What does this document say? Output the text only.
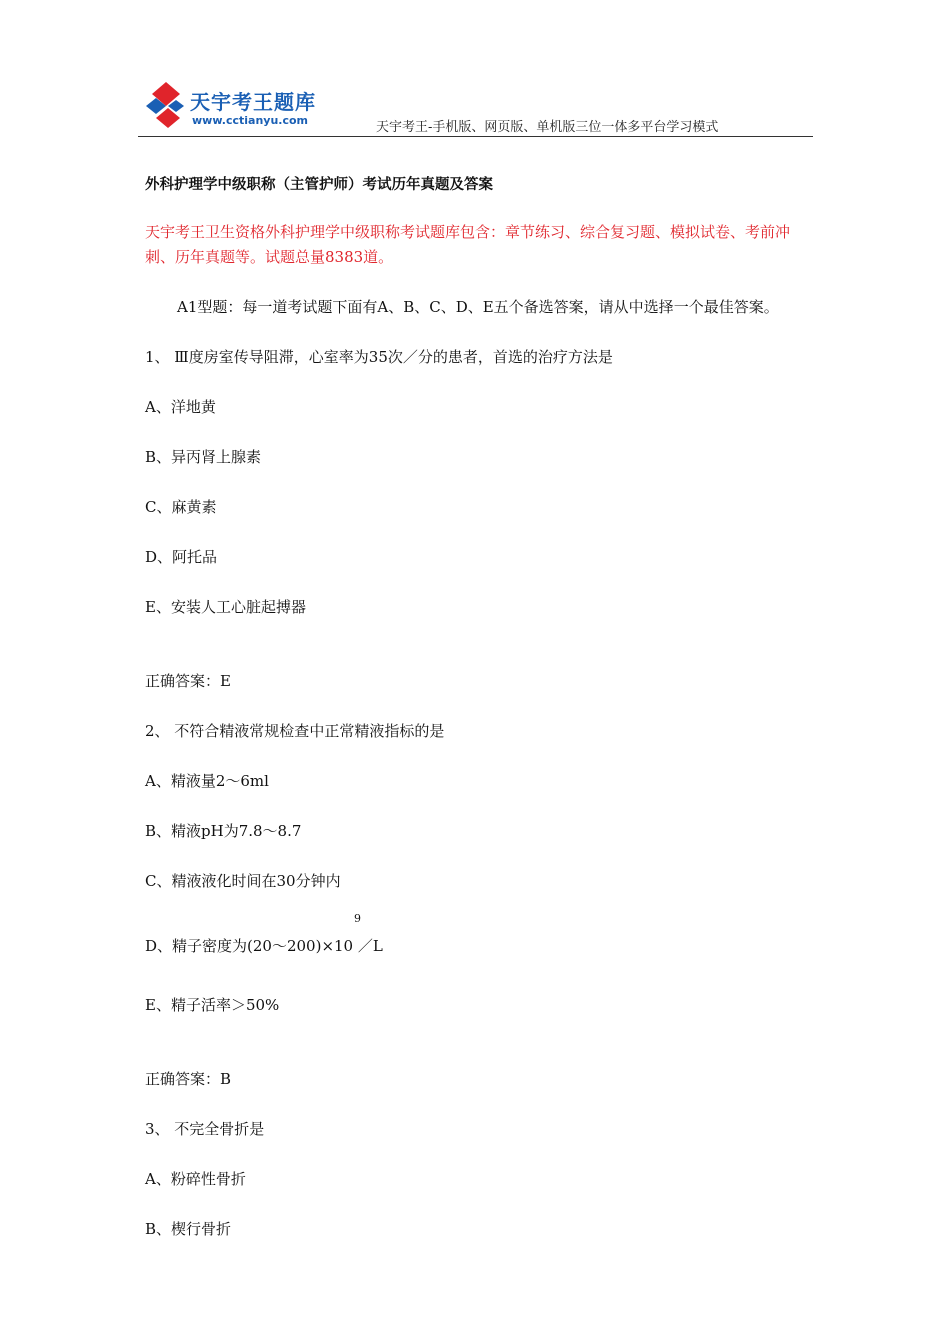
天宇考王题库
www.cctianyu.com	天宇考王-手机版、网页版、单机版三位一体多平台学习模式
外科护理学中级职称（主管护师）考试历年真题及答案
天宇考王卫生资格外科护理学中级职称考试题库包含：章节练习、综合复习题、模拟试卷、考前冲刺、历年真题等。试题总量8383道。
A1型题：每一道考试题下面有A、B、C、D、E五个备选答案，请从中选择一个最佳答案。
1、 Ⅲ度房室传导阻滞，心室率为35次／分的患者，首选的治疗方法是
A、洋地黄
B、异丙肾上腺素
C、麻黄素
D、阿托品
E、安装人工心脏起搏器
正确答案：E
2、 不符合精液常规检查中正常精液指标的是
A、精液量2～6ml
B、精液pH为7.8～8.7
C、精液液化时间在30分钟内
9
D、精子密度为(20～200)×10 ／L
E、精子活率＞50%
正确答案：B
3、 不完全骨折是
A、粉碎性骨折
B、楔行骨折
